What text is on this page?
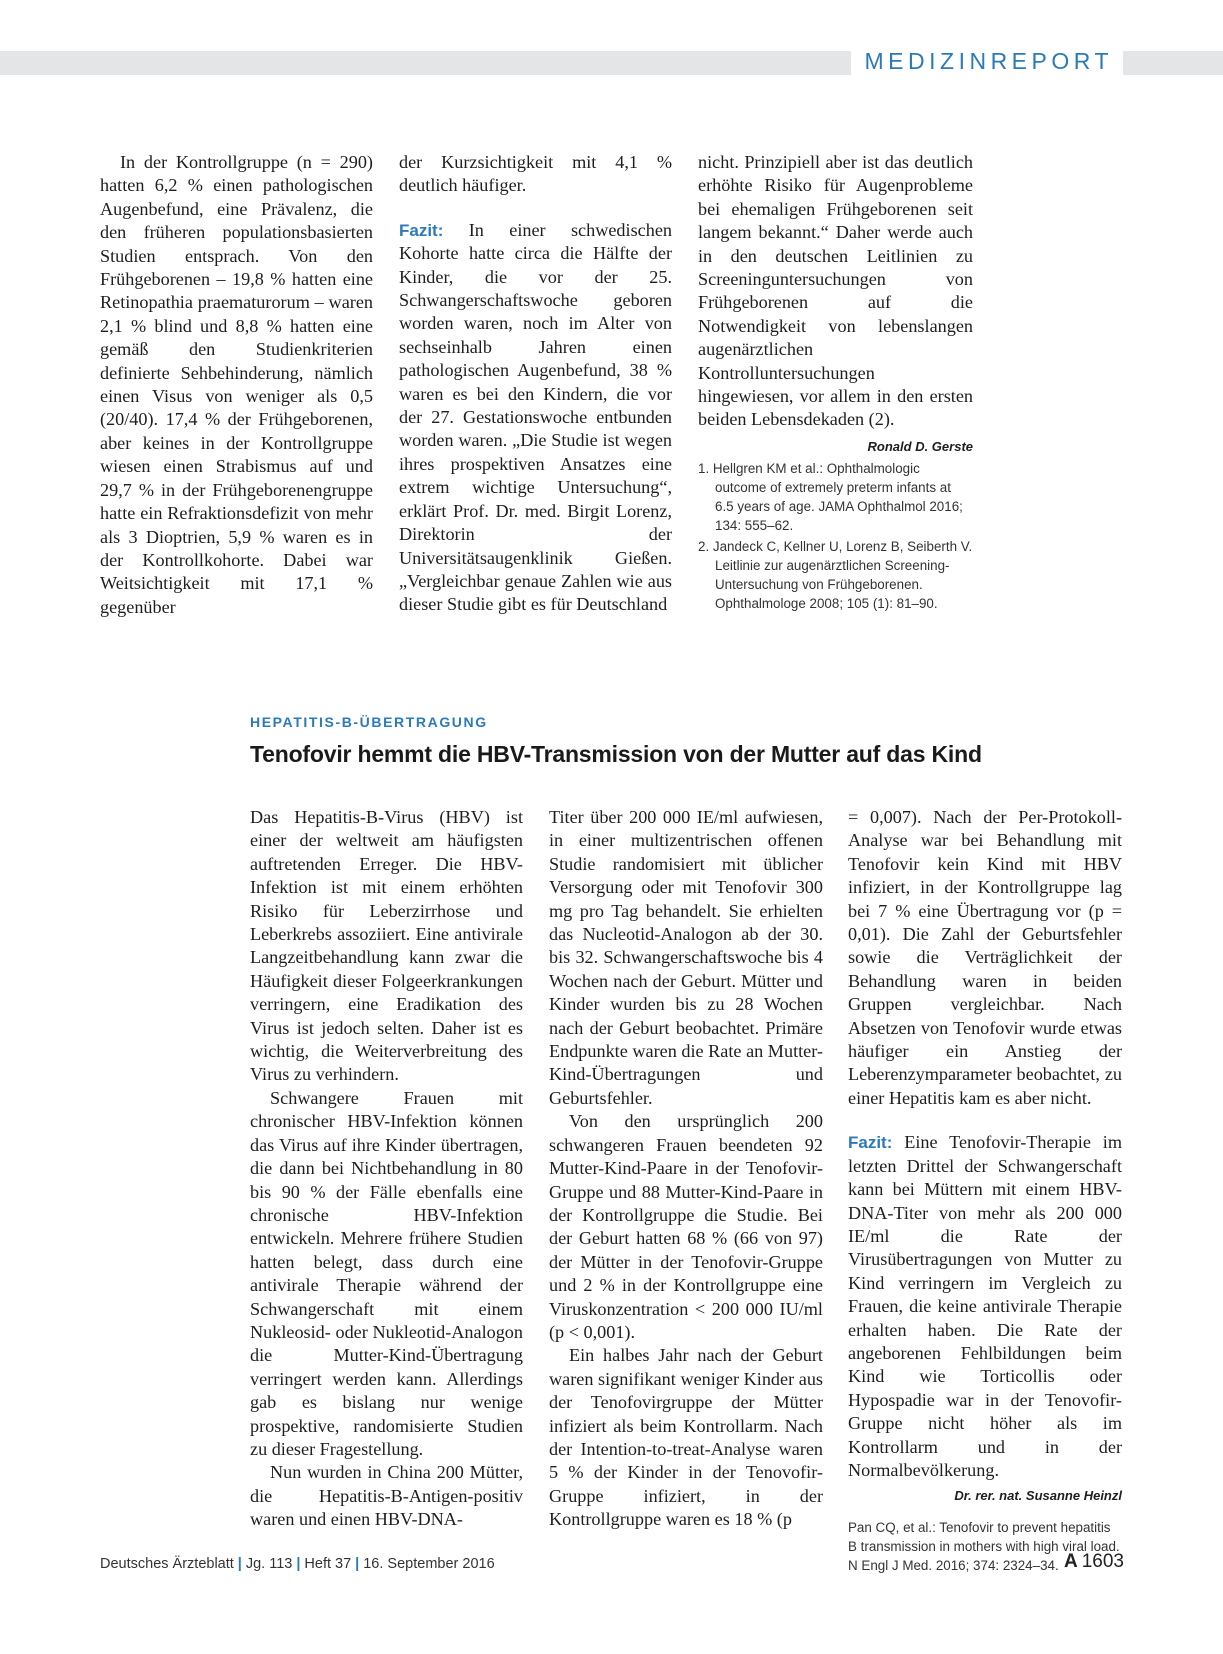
MEDIZINREPORT

In der Kontrollgruppe (n = 290) hatten 6,2 % einen pathologischen Augenbefund, eine Prävalenz, die den früheren populationsbasierten Studien entsprach. Von den Frühgeborenen – 19,8 % hatten eine Retinopathia praematurorum – waren 2,1 % blind und 8,8 % hatten eine gemäß den Studienkriterien definierte Sehbehinderung, nämlich einen Visus von weniger als 0,5 (20/40). 17,4 % der Frühgeborenen, aber keines in der Kontrollgruppe wiesen einen Strabismus auf und 29,7 % in der Frühgeborenengruppe hatte ein Refraktionsdefizit von mehr als 3 Dioptrien, 5,9 % waren es in der Kontrollkohorte. Dabei war Weitsichtigkeit mit 17,1 % gegenüber

der Kurzsichtigkeit mit 4,1 % deutlich häufiger.

Fazit: In einer schwedischen Kohorte hatte circa die Hälfte der Kinder, die vor der 25. Schwangerschaftswoche geboren worden waren, noch im Alter von sechseinhalb Jahren einen pathologischen Augenbefund, 38 % waren es bei den Kindern, die vor der 27. Gestationswoche entbunden worden waren. „Die Studie ist wegen ihres prospektiven Ansatzes eine extrem wichtige Untersuchung“, erklärt Prof. Dr. med. Birgit Lorenz, Direktorin der Universitätsaugenklinik Gießen. „Vergleichbar genaue Zahlen wie aus dieser Studie gibt es für Deutschland

nicht. Prinzipiell aber ist das deutlich erhöhte Risiko für Augenprobleme bei ehemaligen Frühgeborenen seit langem bekannt.“ Daher werde auch in den deutschen Leitlinien zu Screeninguntersuchungen von Frühgeborenen auf die Notwendigkeit von lebenslangen augenärztlichen Kontrolluntersuchungen hingewiesen, vor allem in den ersten beiden Lebensdekaden (2).
Ronald D. Gerste

1. Hellgren KM et al.: Ophthalmologic outcome of extremely preterm infants at 6.5 years of age. JAMA Ophthalmol 2016; 134: 555–62.
2. Jandeck C, Kellner U, Lorenz B, Seiberth V. Leitlinie zur augenärztlichen Screening-Untersuchung von Frühgeborenen. Ophthalmologe 2008; 105 (1): 81–90.
HEPATITIS-B-ÜBERTRAGUNG
Tenofovir hemmt die HBV-Transmission von der Mutter auf das Kind

Das Hepatitis-B-Virus (HBV) ist einer der weltweit am häufigsten auftretenden Erreger. Die HBV-Infektion ist mit einem erhöhten Risiko für Leberzirrhose und Leberkrebs assoziiert. Eine antivirale Langzeitbehandlung kann zwar die Häufigkeit dieser Folgeerkrankungen verringern, eine Eradikation des Virus ist jedoch selten. Daher ist es wichtig, die Weiterverbreitung des Virus zu verhindern.

Schwangere Frauen mit chronischer HBV-Infektion können das Virus auf ihre Kinder übertragen, die dann bei Nichtbehandlung in 80 bis 90 % der Fälle ebenfalls eine chronische HBV-Infektion entwickeln. Mehrere frühere Studien hatten belegt, dass durch eine antivirale Therapie während der Schwangerschaft mit einem Nukleosid- oder Nukleotid-Analogon die Mutter-Kind-Übertragung verringert werden kann. Allerdings gab es bislang nur wenige prospektive, randomisierte Studien zu dieser Fragestellung.

Nun wurden in China 200 Mütter, die Hepatitis-B-Antigen-positiv waren und einen HBV-DNA-

Titer über 200 000 IE/ml aufwiesen, in einer multizentrischen offenen Studie randomisiert mit üblicher Versorgung oder mit Tenofovir 300 mg pro Tag behandelt. Sie erhielten das Nucleotid-Analogon ab der 30. bis 32. Schwangerschaftswoche bis 4 Wochen nach der Geburt. Mütter und Kinder wurden bis zu 28 Wochen nach der Geburt beobachtet. Primäre Endpunkte waren die Rate an Mutter-Kind-Übertragungen und Geburtsfehler.

Von den ursprünglich 200 schwangeren Frauen beendeten 92 Mutter-Kind-Paare in der Tenofovir-Gruppe und 88 Mutter-Kind-Paare in der Kontrollgruppe die Studie. Bei der Geburt hatten 68 % (66 von 97) der Mütter in der Tenofovir-Gruppe und 2 % in der Kontrollgruppe eine Viruskonzentration < 200 000 IU/ml (p < 0,001).

Ein halbes Jahr nach der Geburt waren signifikant weniger Kinder aus der Tenofovirgruppe der Mütter infiziert als beim Kontrollarm. Nach der Intention-to-treat-Analyse waren 5 % der Kinder in der Tenovofir-Gruppe infiziert, in der Kontrollgruppe waren es 18 % (p

= 0,007). Nach der Per-Protokoll-Analyse war bei Behandlung mit Tenofovir kein Kind mit HBV infiziert, in der Kontrollgruppe lag bei 7 % eine Übertragung vor (p = 0,01). Die Zahl der Geburtsfehler sowie die Verträglichkeit der Behandlung waren in beiden Gruppen vergleichbar. Nach Absetzen von Tenofovir wurde etwas häufiger ein Anstieg der Leberenzymparameter beobachtet, zu einer Hepatitis kam es aber nicht.

Fazit: Eine Tenofovir-Therapie im letzten Drittel der Schwangerschaft kann bei Müttern mit einem HBV-DNA-Titer von mehr als 200 000 IE/ml die Rate der Virusübertragungen von Mutter zu Kind verringern im Vergleich zu Frauen, die keine antivirale Therapie erhalten haben. Die Rate der angeborenen Fehlbildungen beim Kind wie Torticollis oder Hypospadie war in der Tenovofir-Gruppe nicht höher als im Kontrollarm und in der Normalbevölkerung.

Dr. rer. nat. Susanne Heinzl
Pan CQ, et al.: Tenofovir to prevent hepatitis B transmission in mothers with high viral load. N Engl J Med. 2016; 374: 2324–34.
Deutsches Ärzteblatt | Jg. 113 | Heft 37 | 16. September 2016	A 1603
